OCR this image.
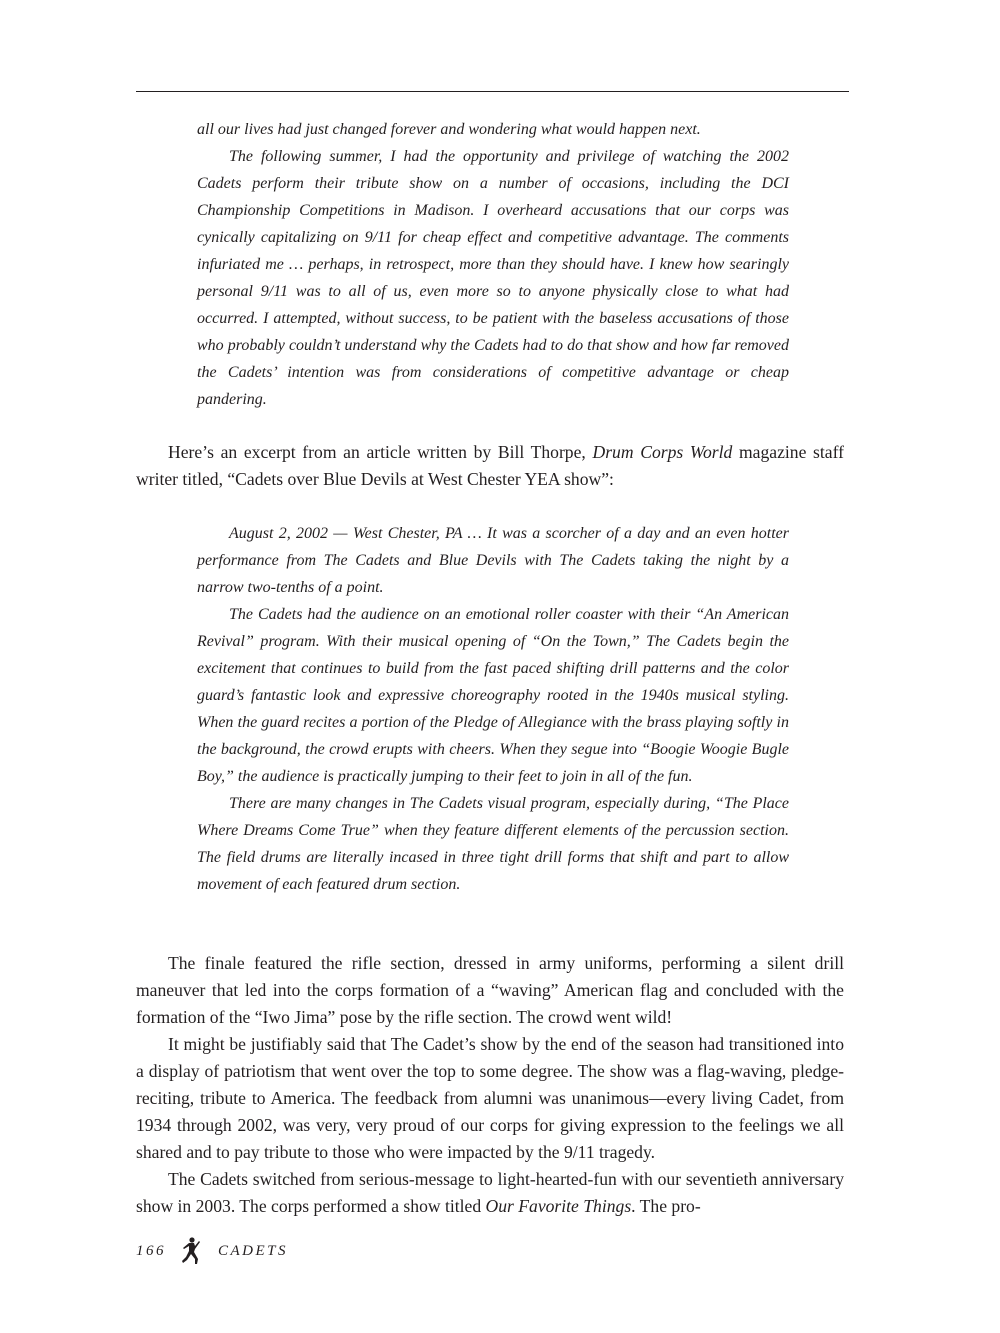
all our lives had just changed forever and wondering what would happen next.

The following summer, I had the opportunity and privilege of watching the 2002 Cadets perform their tribute show on a number of occasions, including the DCI Championship Competitions in Madison. I overheard accusations that our corps was cynically capitalizing on 9/11 for cheap effect and competitive advantage. The comments infuriated me … perhaps, in retrospect, more than they should have. I knew how searingly personal 9/11 was to all of us, even more so to anyone physically close to what had occurred. I attempted, without success, to be patient with the baseless accusations of those who probably couldn’t understand why the Cadets had to do that show and how far removed the Cadets’ intention was from considerations of competitive advantage or cheap pandering.

Here’s an excerpt from an article written by Bill Thorpe, Drum Corps World magazine staff writer titled, “Cadets over Blue Devils at West Chester YEA show”:

August 2, 2002 — West Chester, PA … It was a scorcher of a day and an even hotter performance from The Cadets and Blue Devils with The Cadets taking the night by a narrow two-tenths of a point.

The Cadets had the audience on an emotional roller coaster with their “An American Revival” program. With their musical opening of “On the Town,” The Cadets begin the excitement that continues to build from the fast paced shifting drill patterns and the color guard’s fantastic look and expressive choreography rooted in the 1940s musical styling. When the guard recites a portion of the Pledge of Allegiance with the brass playing softly in the background, the crowd erupts with cheers. When they segue into “Boogie Woogie Bugle Boy,” the audience is practically jumping to their feet to join in all of the fun.

There are many changes in The Cadets visual program, especially during, “The Place Where Dreams Come True” when they feature different elements of the percussion section. The field drums are literally incased in three tight drill forms that shift and part to allow movement of each featured drum section.

The finale featured the rifle section, dressed in army uniforms, performing a silent drill maneuver that led into the corps formation of a “waving” American flag and concluded with the formation of the “Iwo Jima” pose by the rifle section. The crowd went wild!

It might be justifiably said that The Cadet’s show by the end of the season had transitioned into a display of patriotism that went over the top to some degree. The show was a flag-waving, pledge-reciting, tribute to America. The feedback from alumni was unanimous—every living Cadet, from 1934 through 2002, was very, very proud of our corps for giving expression to the feelings we all shared and to pay tribute to those who were impacted by the 9/11 tragedy.

The Cadets switched from serious-message to light-hearted-fun with our seventieth anniversary show in 2003. The corps performed a show titled Our Favorite Things. The pro-

166	CADETS
